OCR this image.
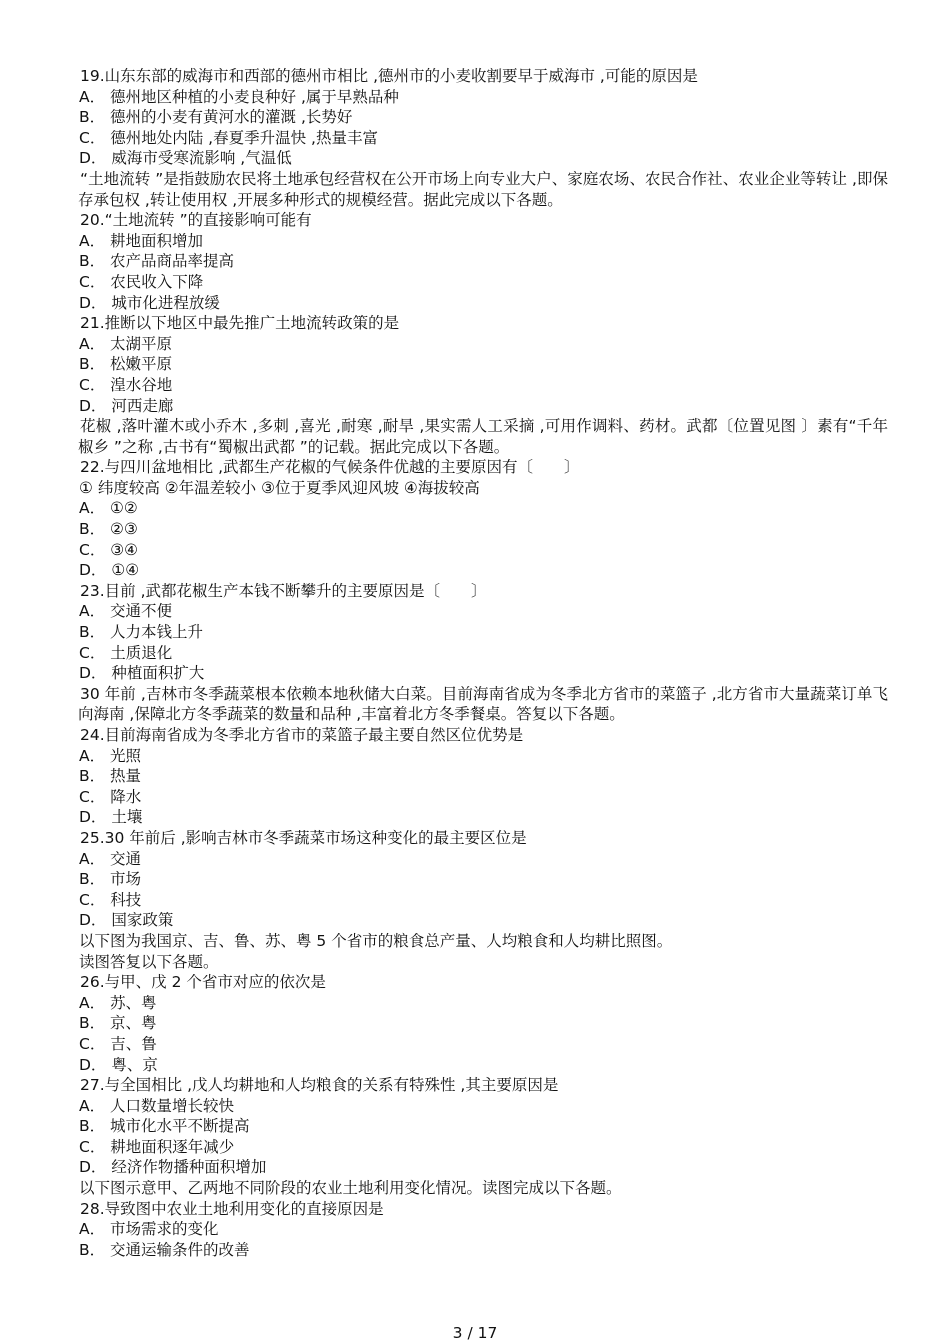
19.山东东部的威海市和西部的德州市相比 ,德州市的小麦收割要早于威海市 ,可能的原因是
A． 德州地区种植的小麦良种好 ,属于早熟品种
B． 德州的小麦有黄河水的灌溉 ,长势好
C． 德州地处内陆 ,春夏季升温快 ,热量丰富
D． 威海市受寒流影响 ,气温低
“土地流转 ”是指鼓励农民将土地承包经营权在公开市场上向专业大户、家庭农场、农民合作社、农业企业等转让 ,即保存承包权 ,转让使用权 ,开展多种形式的规模经营。据此完成以下各题。
20.“土地流转 ”的直接影响可能有
A． 耕地面积增加
B． 农产品商品率提高
C． 农民收入下降
D． 城市化进程放缓
21.推断以下地区中最先推广土地流转政策的是
A． 太湖平原
B． 松嫩平原
C． 湟水谷地
D． 河西走廊
花椒 ,落叶灌木或小乔木 ,多刺 ,喜光 ,耐寒 ,耐旱 ,果实需人工采摘 ,可用作调料、药材。武都〔位置见图 〕素有“千年椒乡 ”之称 ,古书有“蜀椒出武都 ”的记载。据此完成以下各题。
22.与四川盆地相比 ,武都生产花椒的气候条件优越的主要原因有〔　　〕
① 纬度较高 ②年温差较小 ③位于夏季风迎风坡 ④海拔较高
A． ①②
B． ②③
C． ③④
D． ①④
23.目前 ,武都花椒生产本钱不断攀升的主要原因是〔　　〕
A． 交通不便
B． 人力本钱上升
C． 土质退化
D． 种植面积扩大
30 年前 ,吉林市冬季蔬菜根本依赖本地秋储大白菜。目前海南省成为冬季北方省市的菜篮子 ,北方省市大量蔬菜订单飞向海南 ,保障北方冬季蔬菜的数量和品种 ,丰富着北方冬季餐桌。答复以下各题。
24.目前海南省成为冬季北方省市的菜篮子最主要自然区位优势是
A． 光照
B． 热量
C． 降水
D． 土壤
25.30 年前后 ,影响吉林市冬季蔬菜市场这种变化的最主要区位是
A． 交通
B． 市场
C． 科技
D． 国家政策
以下图为我国京、吉、鲁、苏、粤 5 个省市的粮食总产量、人均粮食和人均耕比照图。
读图答复以下各题。
26.与甲、戊 2 个省市对应的依次是
A． 苏、粤
B． 京、粤
C． 吉、鲁
D． 粤、京
27.与全国相比 ,戊人均耕地和人均粮食的关系有特殊性 ,其主要原因是
A． 人口数量增长较快
B． 城市化水平不断提高
C． 耕地面积逐年减少
D． 经济作物播种面积增加
以下图示意甲、乙两地不同阶段的农业土地利用变化情况。读图完成以下各题。
28.导致图中农业土地利用变化的直接原因是
A． 市场需求的变化
B． 交通运输条件的改善
3 / 17
